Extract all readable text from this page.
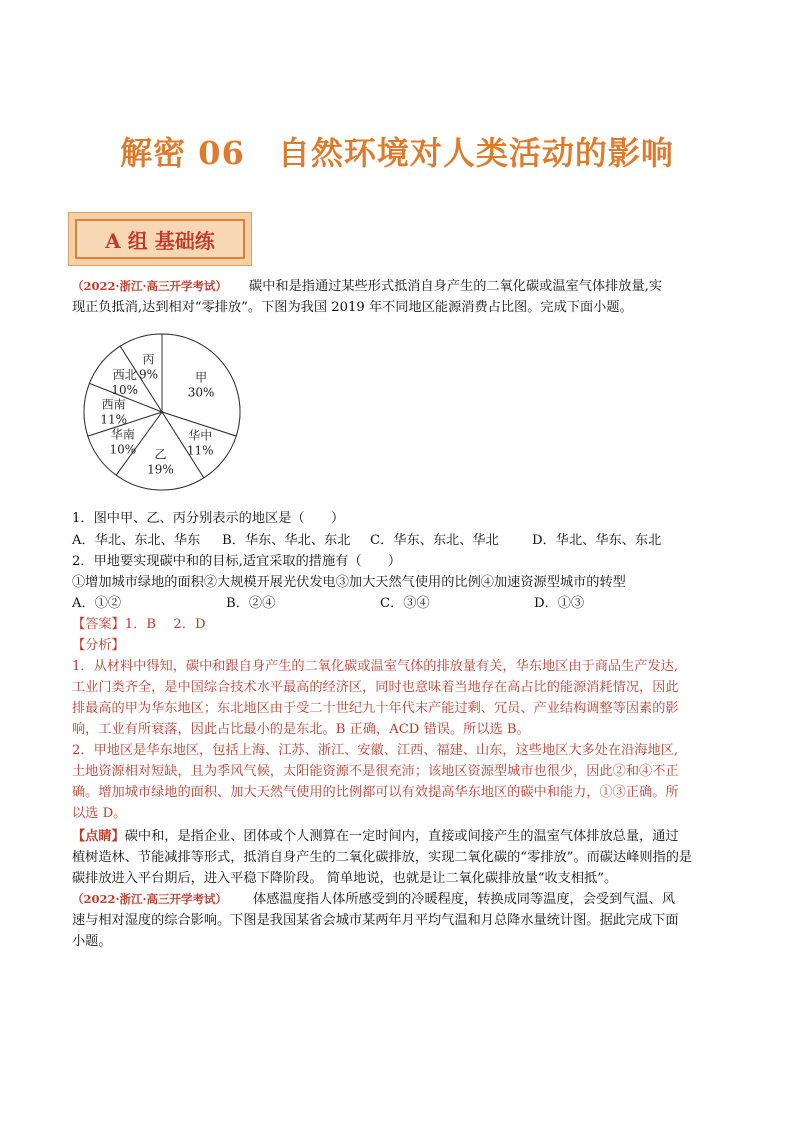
解密 06　自然环境对人类活动的影响
A 组 基础练
（2022·浙江·高三开学考试） 碳中和是指通过某些形式抵消自身产生的二氧化碳或温室气体排放量,实
现正负抵消,达到相对“零排放”。下图为我国 2019 年不同地区能源消费占比图。完成下面小题。
甲
30%
华中
11%
乙
19%
华南
10%
西南
11%
西北
10%
丙
9%
1．图中甲、乙、丙分别表示的地区是（　　）
A．华北、东北、华东 B．华东、华北、东北 C．华东、东北、华北	D．华北、华东、东北
2．甲地要实现碳中和的目标,适宜采取的措施有（　　）
①增加城市绿地的面积②大规模开展光伏发电③加大天然气使用的比例④加速资源型城市的转型
A．①②	B．②④	C．③④	D．①③
【答案】1．B　 2．D
【分析】
1．从材料中得知，碳中和跟自身产生的二氧化碳或温室气体的排放量有关，华东地区由于商品生产发达,
工业门类齐全，是中国综合技术水平最高的经济区，同时也意味着当地存在高占比的能源消耗情况，因此
排最高的甲为华东地区；东北地区由于受二十世纪九十年代末产能过剩、冗员、产业结构调整等因素的影
响，工业有所衰落，因此占比最小的是东北。B 正确，ACD 错误。所以选 B。
2．甲地区是华东地区，包括上海、江苏、浙江、安徽、江西、福建、山东，这些地区大多处在沿海地区,
土地资源相对短缺，且为季风气候，太阳能资源不是很充沛；该地区资源型城市也很少，因此②和④不正
确。增加城市绿地的面积、加大天然气使用的比例都可以有效提高华东地区的碳中和能力，①③正确。所
以选 D。
【点睛】碳中和，是指企业、团体或个人测算在一定时间内，直接或间接产生的温室气体排放总量，通过
植树造林、节能减排等形式，抵消自身产生的二氧化碳排放，实现二氧化碳的“零排放”。而碳达峰则指的是
碳排放进入平台期后，进入平稳下降阶段。 简单地说，也就是让二氧化碳排放量“收支相抵”。
（2022·浙江·高三开学考试） 体感温度指人体所感受到的冷暖程度，转换成同等温度，会受到气温、风
速与相对湿度的综合影响。下图是我国某省会城市某两年月平均气温和月总降水量统计图。据此完成下面
小题。
